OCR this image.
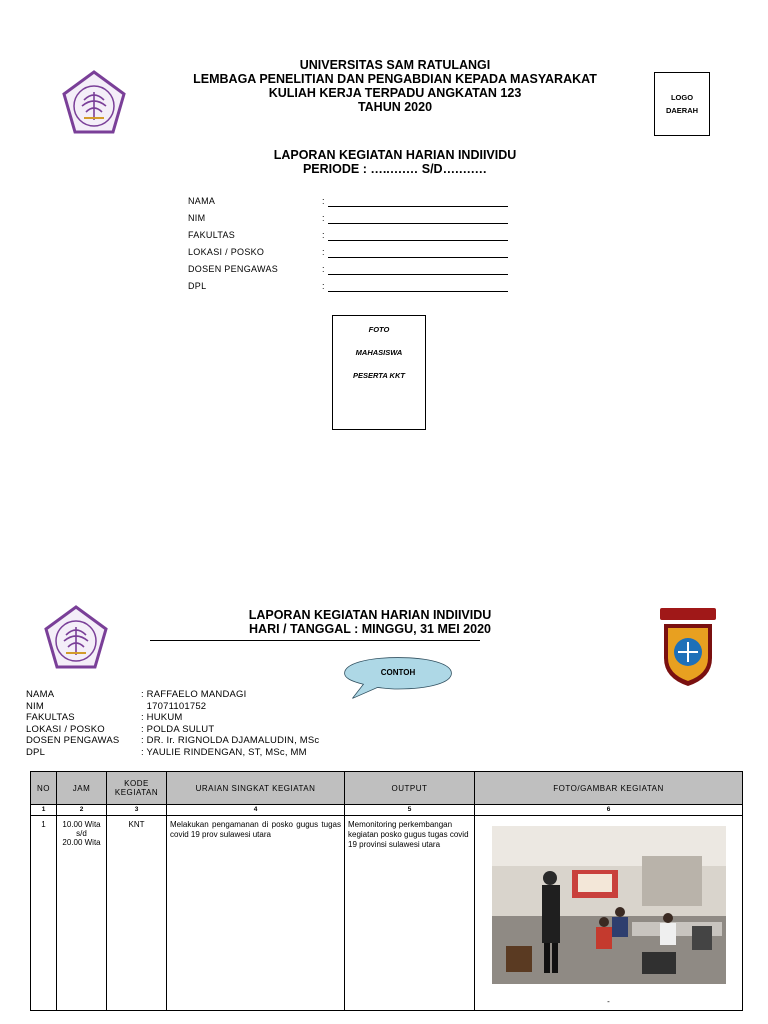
UNIVERSITAS SAM RATULANGI
LEMBAGA PENELITIAN DAN PENGABDIAN KEPADA MASYARAKAT
KULIAH KERJA TERPADU ANGKATAN 123
TAHUN 2020
LOGO
DAERAH
LAPORAN KEGIATAN HARIAN INDIIVIDU
PERIODE : …..….… S/D….….…
NAMA	:
NIM	:
FAKULTAS	:
LOKASI / POSKO	:
DOSEN PENGAWAS	:
DPL	:
FOTO
MAHASISWA
PESERTA KKT
LAPORAN KEGIATAN HARIAN INDIIVIDU
HARI / TANGGAL : MINGGU, 31 MEI 2020
CONTOH
NAMA	: RAFFAELO MANDAGI
NIM	17071101752
FAKULTAS	: HUKUM
LOKASI / POSKO	: POLDA SULUT
DOSEN PENGAWAS : DR. Ir. RIGNOLDA DJAMALUDIN, MSc
DPL	: YAULIE RINDENGAN, ST, MSc, MM
NO	JAM	KODE KEGIATAN	URAIAN SINGKAT KEGIATAN	OUTPUT	FOTO/GAMBAR KEGIATAN
1	2	3	4	5	6
1	10.00 Wita
s/d
20.00 Wita	KNT	Melakukan pengamanan di posko gugus tugas covid 19 prov sulawesi utara	Memonitoring perkembangan kegiatan posko gugus tugas covid 19 provinsi sulawesi utara	-
